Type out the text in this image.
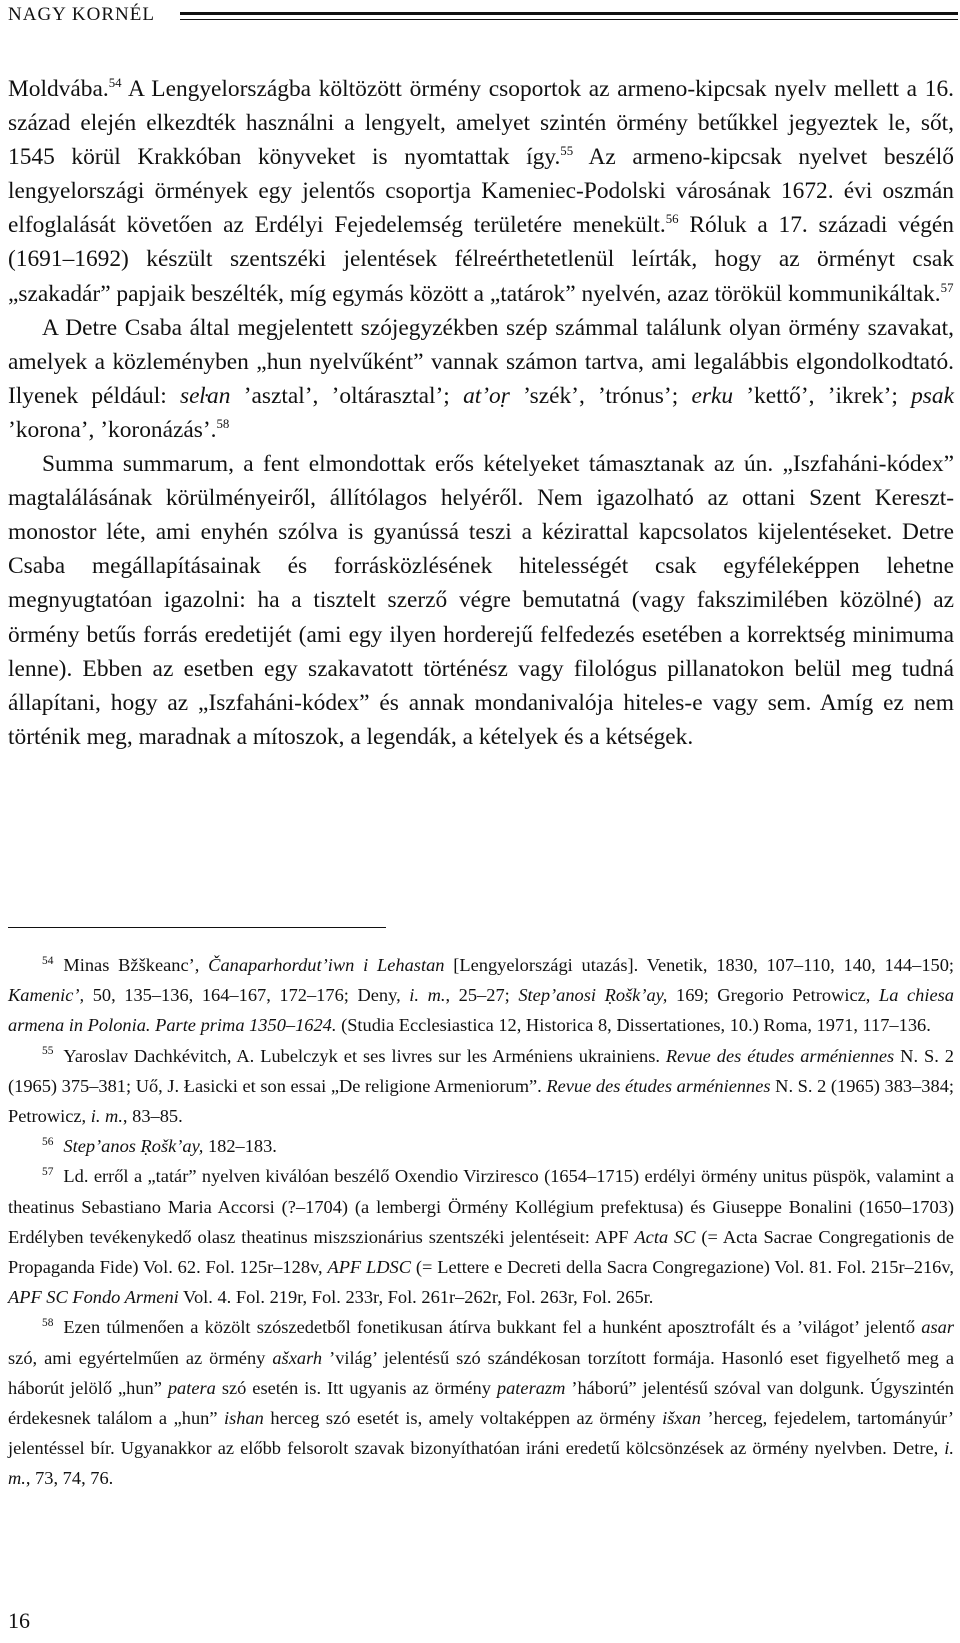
NAGY KORNÉL

Moldvába.$^{54}$ A Lengyelországba költözött örmény csoportok az armeno-kipcsak nyelv mellett a 16. század elején elkezdték használni a lengyelt, amelyet szintén örmény betűkkel jegyeztek le, sőt, 1545 körül Krakkóban könyveket is nyomtattak így.$^{55}$ Az armeno-kipcsak nyelvet beszélő lengyelországi örmények egy jelentős csoportja Kameniec-Podolski városának 1672. évi oszmán elfoglalását követően az Erdélyi Fejedelemség területére menekült.$^{56}$ Róluk a 17. századi végén (1691–1692) készült szentszéki jelentések félreérthetetlenül leírták, hogy az örményt csak „szakadár” papjaik beszélték, míg egymás között a „tatárok” nyelvén, azaz törökül kommunikáltak.$^{57}$

A Detre Csaba által megjelentett szójegyzékben szép számmal találunk olyan örmény szavakat, amelyek a közleményben „hun nyelvűként” vannak számon tartva, ami legalábbis elgondolkodtató. Ilyenek például: seŀan ’asztal’, ’oltárasztal’; at’oṛ ’szék’, ’trónus’; erku ’kettő’, ’ikrek’; psak ’korona’, ’koronázás’.$^{58}$

Summa summarum, a fent elmondottak erős kételyeket támasztanak az ún. „Iszfaháni-kódex” magtalálásának körülményeiről, állítólagos helyéről. Nem igazolható az ottani Szent Kereszt-monostor léte, ami enyhén szólva is gyanússá teszi a kézirattal kapcsolatos kijelentéseket. Detre Csaba megállapításainak és forrásközlésének hitelességét csak egyféleképpen lehetne megnyugtatóan igazolni: ha a tisztelt szerző végre bemutatná (vagy fakszimilében közölné) az örmény betűs forrás eredetijét (ami egy ilyen horderejű felfedezés esetében a korrektség minimuma lenne). Ebben az esetben egy szakavatott történész vagy filológus pillanatokon belül meg tudná állapítani, hogy az „Iszfaháni-kódex” és annak mondanivalója hiteles-e vagy sem. Amíg ez nem történik meg, maradnak a mítoszok, a legendák, a kételyek és a kétségek.

$^{54}$ Minas Bžškeanc’, Čanaparhordut’iwn i Lehastan [Lengyelországi utazás]. Venetik, 1830, 107–110, 140, 144–150; Kamenic’, 50, 135–136, 164–167, 172–176; Deny, i. m., 25–27; Step’anosi Ṛošk’ay, 169; Gregorio Petrowicz, La chiesa armena in Polonia. Parte prima 1350–1624. (Studia Ecclesiastica 12, Historica 8, Dissertationes, 10.) Roma, 1971, 117–136.

$^{55}$ Yaroslav Dachkévitch, A. Lubelczyk et ses livres sur les Arméniens ukrainiens. Revue des études arméniennes N. S. 2 (1965) 375–381; Uő, J. Łasicki et son essai „De religione Armeniorum”. Revue des études arméniennes N. S. 2 (1965) 383–384; Petrowicz, i. m., 83–85.

$^{56}$ Step’anos Ṛošk’ay, 182–183.

$^{57}$ Ld. erről a „tatár” nyelven kiválóan beszélő Oxendio Virziresco (1654–1715) erdélyi örmény unitus püspök, valamint a theatinus Sebastiano Maria Accorsi (?–1704) (a lembergi Örmény Kollégium prefektusa) és Giuseppe Bonalini (1650–1703) Erdélyben tevékenykedő olasz theatinus miszszionárius szentszéki jelentéseit: APF Acta SC (= Acta Sacrae Congregationis de Propaganda Fide) Vol. 62. Fol. 125r–128v, APF LDSC (= Lettere e Decreti della Sacra Congregazione) Vol. 81. Fol. 215r–216v, APF SC Fondo Armeni Vol. 4. Fol. 219r, Fol. 233r, Fol. 261r–262r, Fol. 263r, Fol. 265r.

$^{58}$ Ezen túlmenően a közölt szószedetből fonetikusan átírva bukkant fel a hunként aposztrofált és a ’világot’ jelentő asar szó, ami egyértelműen az örmény ašxarh ’világ’ jelentésű szó szándékosan torzított formája. Hasonló eset figyelhető meg a háborút jelölő „hun” patera szó esetén is. Itt ugyanis az örmény paterazm ’háború” jelentésű szóval van dolgunk. Úgyszintén érdekesnek találom a „hun” ishan herceg szó esetét is, amely voltaképpen az örmény išxan ’herceg, fejedelem, tartományúr’ jelentéssel bír. Ugyanakkor az előbb felsorolt szavak bizonyíthatóan iráni eredetű kölcsönzések az örmény nyelvben. Detre, i. m., 73, 74, 76.

16
